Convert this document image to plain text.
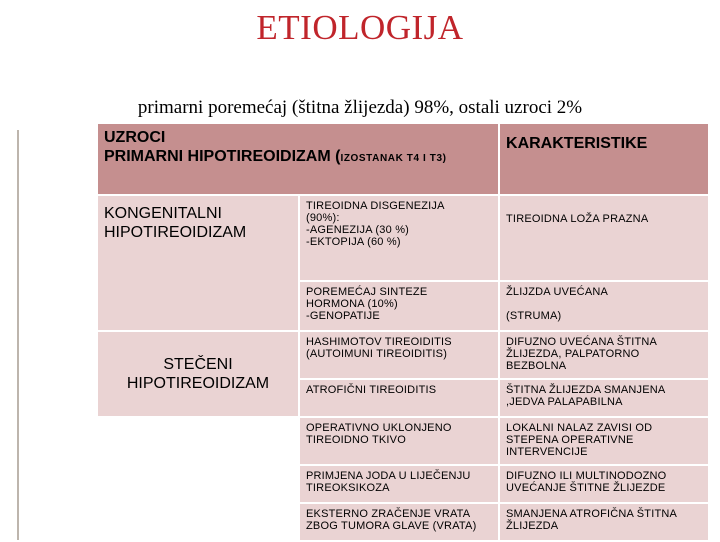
ETIOLOGIJA
primarni poremećaj (štitna žlijezda) 98%, ostali uzroci 2%
UZROCI
PRIMARNI HIPOTIREOIDIZAM (IZOSTANAK T4 I T3)		KARAKTERISTIKE
KONGENITALNI HIPOTIREOIDIZAM	TIREOIDNA DISGENEZIJA
(90%):
-AGENEZIJA (30 %)
-EKTOPIJA (60 %)	TIREOIDNA LOŽA PRAZNA
	POREMEĆAJ SINTEZE
HORMONA (10%)
-GENOPATIJE	ŽLIJZDA UVEĆANA

(STRUMA)
STEČENI HIPOTIREOIDIZAM	HASHIMOTOV TIREOIDITIS
(AUTOIMUNI TIREOIDITIS)	DIFUZNO UVEĆANA ŠTITNA
ŽLIJEZDA, PALPATORNO
BEZBOLNA
	ATROFIČNI TIREOIDITIS	ŠTITNA ŽLIJEZDA SMANJENA
,JEDVA PALAPABILNA
	OPERATIVNO UKLONJENO
TIREOIDNO TKIVO	LOKALNI NALAZ ZAVISI OD
STEPENA OPERATIVNE
INTERVENCIJE
	PRIMJENA JODA U LIJEČENJU
TIREOKSIKOZA	DIFUZNO ILI MULTINODOZNO
UVEĆANJE ŠTITNE ŽLIJEZDE
	EKSTERNO ZRAČENJE VRATA
ZBOG TUMORA GLAVE (VRATA)	SMANJENA ATROFIČNA ŠTITNA
ŽLIJEZDA
